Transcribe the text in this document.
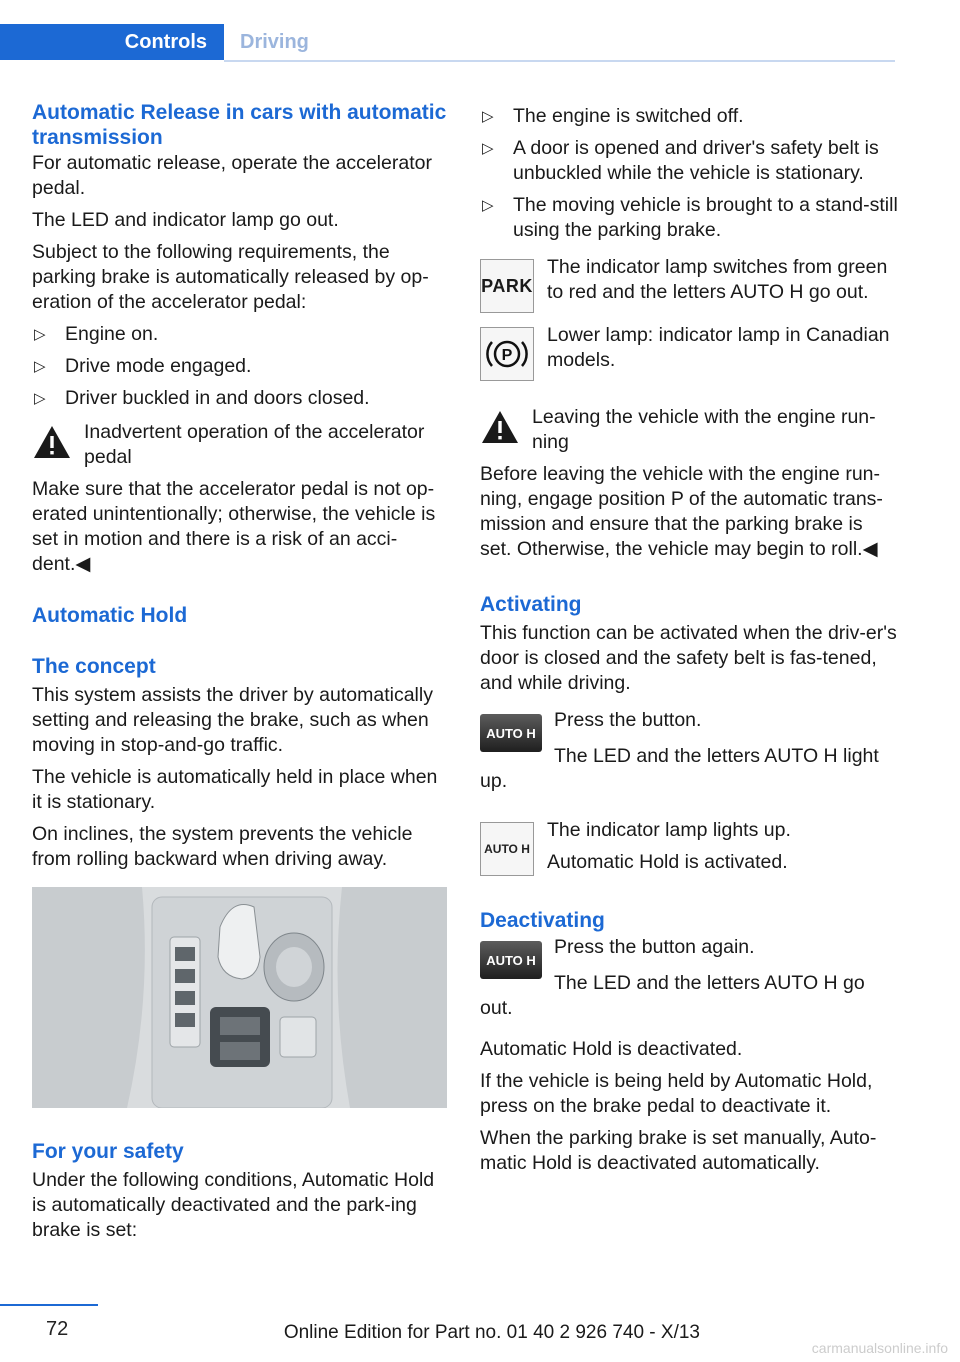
Controls	Driving
Automatic Release in cars with automatic transmission

For automatic release, operate the accelerator pedal.

The LED and indicator lamp go out.

Subject to the following requirements, the parking brake is automatically released by op‐eration of the accelerator pedal:

▷ Engine on.
▷ Drive mode engaged.
▷ Driver buckled in and doors closed.

Inadvertent operation of the accelerator pedal

Make sure that the accelerator pedal is not op‐erated unintentionally; otherwise, the vehicle is set in motion and there is a risk of an acci‐dent.◀

Automatic Hold
The concept

This system assists the driver by automatically setting and releasing the brake, such as when moving in stop-and-go traffic.

The vehicle is automatically held in place when it is stationary.

On inclines, the system prevents the vehicle from rolling backward when driving away.

For your safety

Under the following conditions, Automatic Hold is automatically deactivated and the park‐ing brake is set:

▷ The engine is switched off.
▷ A door is opened and driver's safety belt is unbuckled while the vehicle is stationary.
▷ The moving vehicle is brought to a stand‐still using the parking brake.
PARK

The indicator lamp switches from green to red and the letters AUTO H go out.

P

Lower lamp: indicator lamp in Canadian models.

Leaving the vehicle with the engine run‐ning

Before leaving the vehicle with the engine run‐ning, engage position P of the automatic trans‐mission and ensure that the parking brake is set. Otherwise, the vehicle may begin to roll.◀

Activating

This function can be activated when the driv‐er's door is closed and the safety belt is fas‐tened, and while driving.

AUTO H

Press the button.

The LED and the letters AUTO H light up.

AUTO H

The indicator lamp lights up.

Automatic Hold is activated.

Deactivating
AUTO H

Press the button again.

The LED and the letters AUTO H go out.

Automatic Hold is deactivated.

If the vehicle is being held by Automatic Hold, press on the brake pedal to deactivate it.

When the parking brake is set manually, Auto‐matic Hold is deactivated automatically.

72	Online Edition for Part no. 01 40 2 926 740 - X/13
carmanualsonline.info
